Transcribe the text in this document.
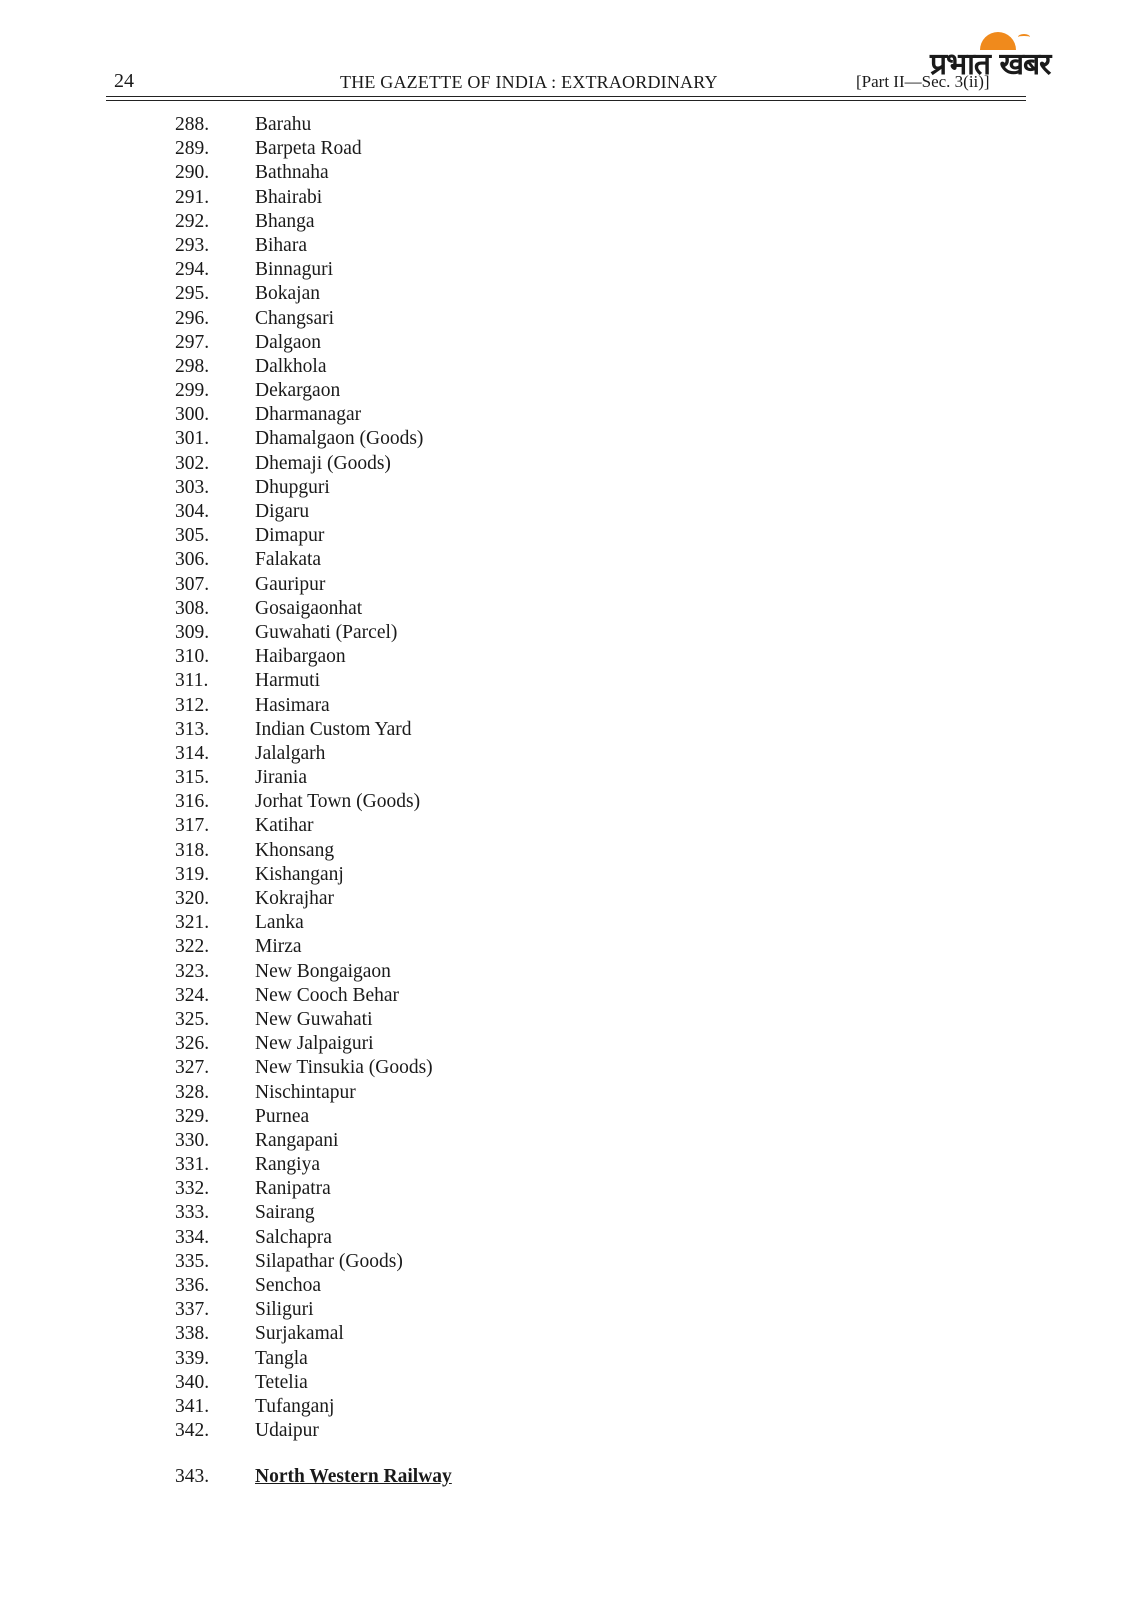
प्रभात खबर
24	THE GAZETTE OF INDIA : EXTRAORDINARY	[Part II—Sec. 3(ii)]
288. Barahu
289. Barpeta Road
290. Bathnaha
291. Bhairabi
292. Bhanga
293. Bihara
294. Binnaguri
295. Bokajan
296. Changsari
297. Dalgaon
298. Dalkhola
299. Dekargaon
300. Dharmanagar
301. Dhamalgaon (Goods)
302. Dhemaji (Goods)
303. Dhupguri
304. Digaru
305. Dimapur
306. Falakata
307. Gauripur
308. Gosaigaonhat
309. Guwahati (Parcel)
310. Haibargaon
311. Harmuti
312. Hasimara
313. Indian Custom Yard
314. Jalalgarh
315. Jirania
316. Jorhat Town (Goods)
317. Katihar
318. Khonsang
319. Kishanganj
320. Kokrajhar
321. Lanka
322. Mirza
323. New Bongaigaon
324. New Cooch Behar
325. New Guwahati
326. New Jalpaiguri
327. New Tinsukia (Goods)
328. Nischintapur
329. Purnea
330. Rangapani
331. Rangiya
332. Ranipatra
333. Sairang
334. Salchapra
335. Silapathar (Goods)
336. Senchoa
337. Siliguri
338. Surjakamal
339. Tangla
340. Tetelia
341. Tufanganj
342. Udaipur
343. North Western Railway
